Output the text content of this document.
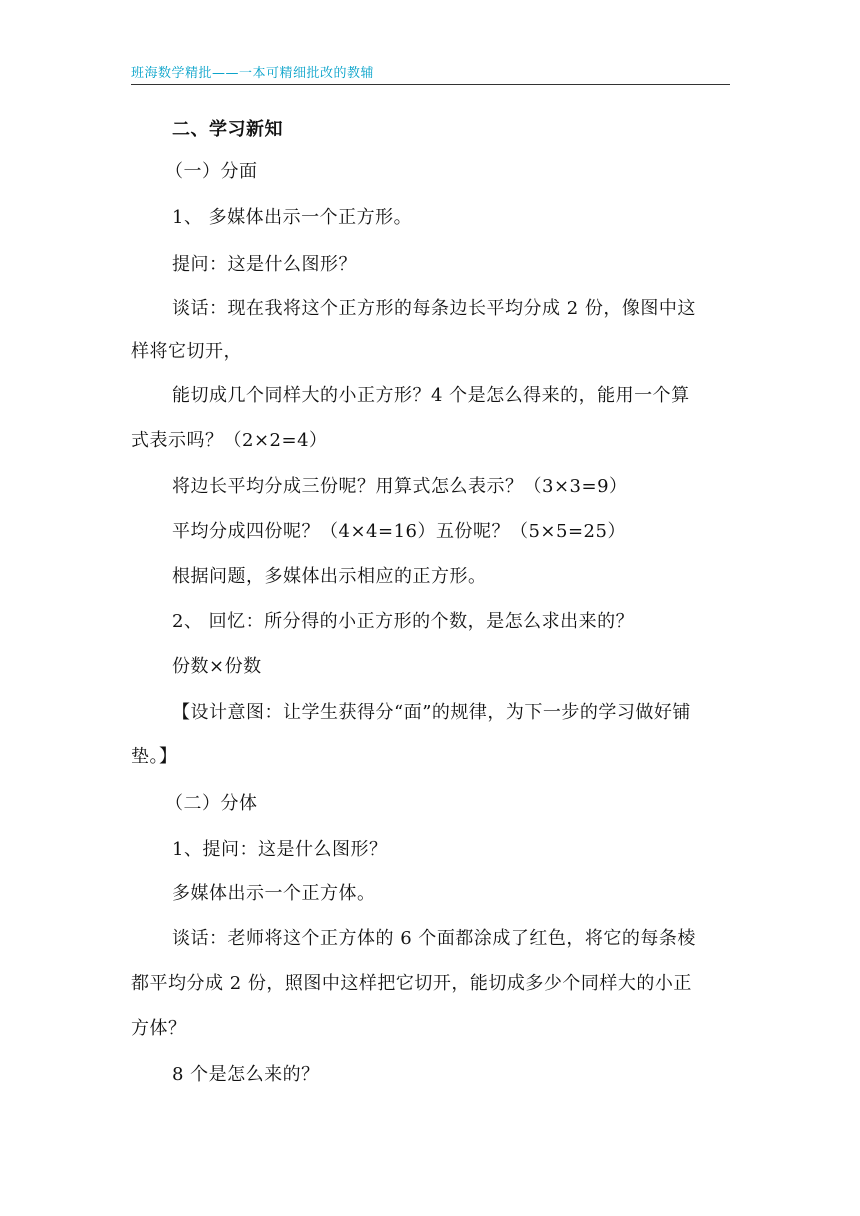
班海数学精批——一本可精细批改的教辅
二、学习新知
（一）分面
1、 多媒体出示一个正方形。
提问：这是什么图形？
谈话：现在我将这个正方形的每条边长平均分成 2 份，像图中这
样将它切开，
能切成几个同样大的小正方形？4 个是怎么得来的，能用一个算
式表示吗？（2×2=4）
将边长平均分成三份呢？用算式怎么表示？（3×3=9）
平均分成四份呢？（4×4=16）五份呢？（5×5=25）
根据问题，多媒体出示相应的正方形。
2、 回忆：所分得的小正方形的个数，是怎么求出来的？
份数×份数
【设计意图：让学生获得分“面”的规律，为下一步的学习做好铺
垫。】
（二）分体
1、提问：这是什么图形？
多媒体出示一个正方体。
谈话：老师将这个正方体的 6 个面都涂成了红色，将它的每条棱
都平均分成 2 份，照图中这样把它切开，能切成多少个同样大的小正
方体？
8 个是怎么来的？
